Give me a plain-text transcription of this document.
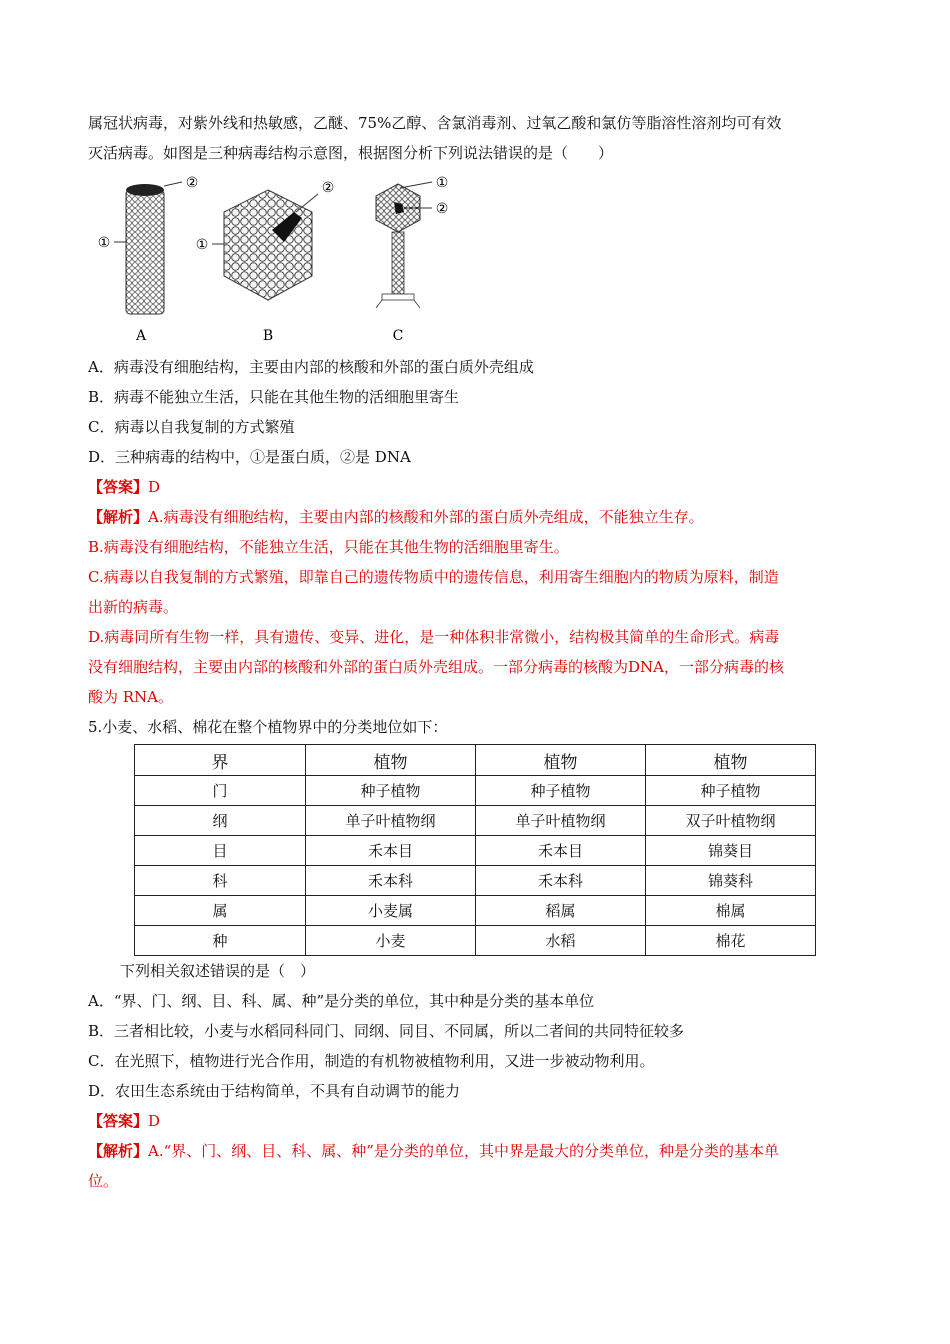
属冠状病毒，对紫外线和热敏感，乙醚、75%乙醇、含氯消毒剂、过氧乙酸和氯仿等脂溶性溶剂均可有效

灭活病毒。如图是三种病毒结构示意图，根据图分析下列说法错误的是（　　）

②
①
A
②
①
B
①
②
C

A．病毒没有细胞结构，主要由内部的核酸和外部的蛋白质外壳组成

B．病毒不能独立生活，只能在其他生物的活细胞里寄生

C．病毒以自我复制的方式繁殖

D．三种病毒的结构中，①是蛋白质，②是 DNA

【答案】D

【解析】A.病毒没有细胞结构，主要由内部的核酸和外部的蛋白质外壳组成，不能独立生存。

B.病毒没有细胞结构，不能独立生活，只能在其他生物的活细胞里寄生。

C.病毒以自我复制的方式繁殖，即靠自己的遗传物质中的遗传信息，利用寄生细胞内的物质为原料，制造

出新的病毒。

D.病毒同所有生物一样，具有遗传、变异、进化，是一种体积非常微小，结构极其简单的生命形式。病毒

没有细胞结构，主要由内部的核酸和外部的蛋白质外壳组成。一部分病毒的核酸为DNA，一部分病毒的核

酸为 RNA。

5.小麦、水稻、棉花在整个植物界中的分类地位如下：

界	植物	植物	植物
门	种子植物	种子植物	种子植物
纲	单子叶植物纲	单子叶植物纲	双子叶植物纲
目	禾本目	禾本目	锦葵目
科	禾本科	禾本科	锦葵科
属	小麦属	稻属	棉属
种	小麦	水稻	棉花

下列相关叙述错误的是（　）

A．“界、门、纲、目、科、属、种”是分类的单位，其中种是分类的基本单位

B．三者相比较，小麦与水稻同科同门、同纲、同目、不同属，所以二者间的共同特征较多

C．在光照下，植物进行光合作用，制造的有机物被植物利用，又进一步被动物利用。

D．农田生态系统由于结构简单，不具有自动调节的能力

【答案】D

【解析】A.“界、门、纲、目、科、属、种”是分类的单位，其中界是最大的分类单位，种是分类的基本单

位。
